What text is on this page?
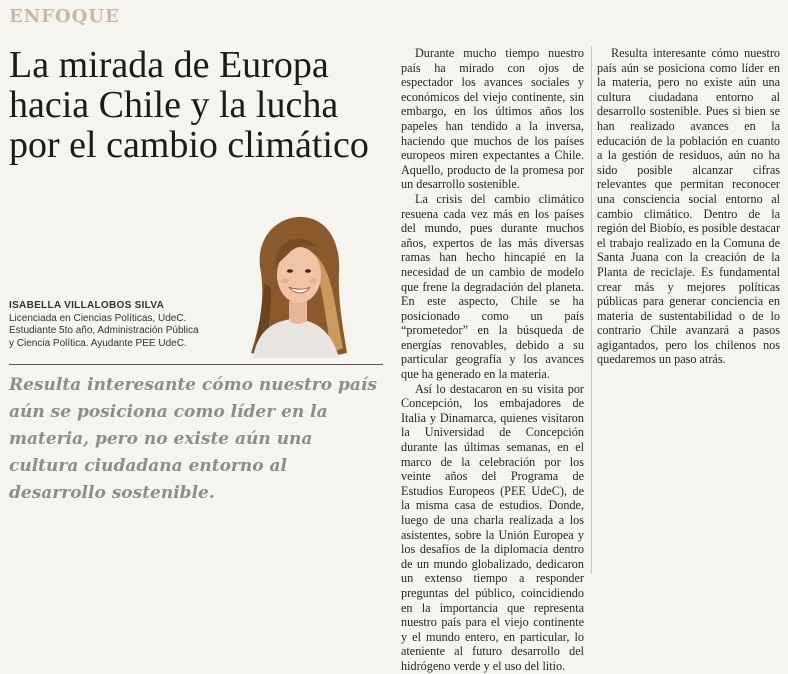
ENFOQUE
La mirada de Europa hacia Chile y la lucha por el cambio climático
ISABELLA VILLALOBOS SILVA
Licenciada en Ciencias Políticas, UdeC.
Estudiante 5to año, Administración Pública
y Ciencia Política. Ayudante PEE UdeC.

Resulta interesante cómo nuestro país aún se posiciona como líder en la materia, pero no existe aún una cultura ciudadana entorno al desarrollo sostenible.

Durante mucho tiempo nuestro país ha mirado con ojos de espectador los avances sociales y económicos del viejo continente, sin embargo, en los últimos años los papeles han tendido a la inversa, haciendo que muchos de los países europeos miren expectantes a Chile. Aquello, producto de la promesa por un desarrollo sostenible.

La crisis del cambio climático resuena cada vez más en los países del mundo, pues durante muchos años, expertos de las más diversas ramas han hecho hincapié en la necesidad de un cambio de modelo que frene la degradación del planeta. En este aspecto, Chile se ha posicionado como un país “prometedor” en la búsqueda de energías renovables, debido a su particular geografía y los avances que ha generado en la materia.

Así lo destacaron en su visita por Concepción, los embajadores de Italia y Dinamarca, quienes visitaron la Universidad de Concepción durante las últimas semanas, en el marco de la celebración por los veinte años del Programa de Estudios Europeos (PEE UdeC), de la misma casa de estudios. Donde, luego de una charla realizada a los asistentes, sobre la Unión Europea y los desafíos de la diplomacia dentro de un mundo globalizado, dedicaron un extenso tiempo a responder preguntas del público, coincidiendo en la importancia que representa nuestro país para el viejo continente y el mundo entero, en particular, lo atenientе al futuro desarrollo del hidrógeno verde y el uso del litio.

Resulta interesante cómo nuestro país aún se posiciona como líder en la materia, pero no existe aún una cultura ciudadana entorno al desarrollo sostenible. Pues si bien se han realizado avances en la educación de la población en cuanto a la gestión de residuos, aún no ha sido posible alcanzar cifras relevantes que permitan reconocer una consciencia social entorno al cambio climático. Dentro de la región del Biobío, es posible destacar el trabajo realizado en la Comuna de Santa Juana con la creación de la Planta de reciclaje. Es fundamental crear más y mejores políticas públicas para generar conciencia en materia de sustentabilidad o de lo contrario Chile avanzará a pasos agigantados, pero los chilenos nos quedaremos un paso atrás.
